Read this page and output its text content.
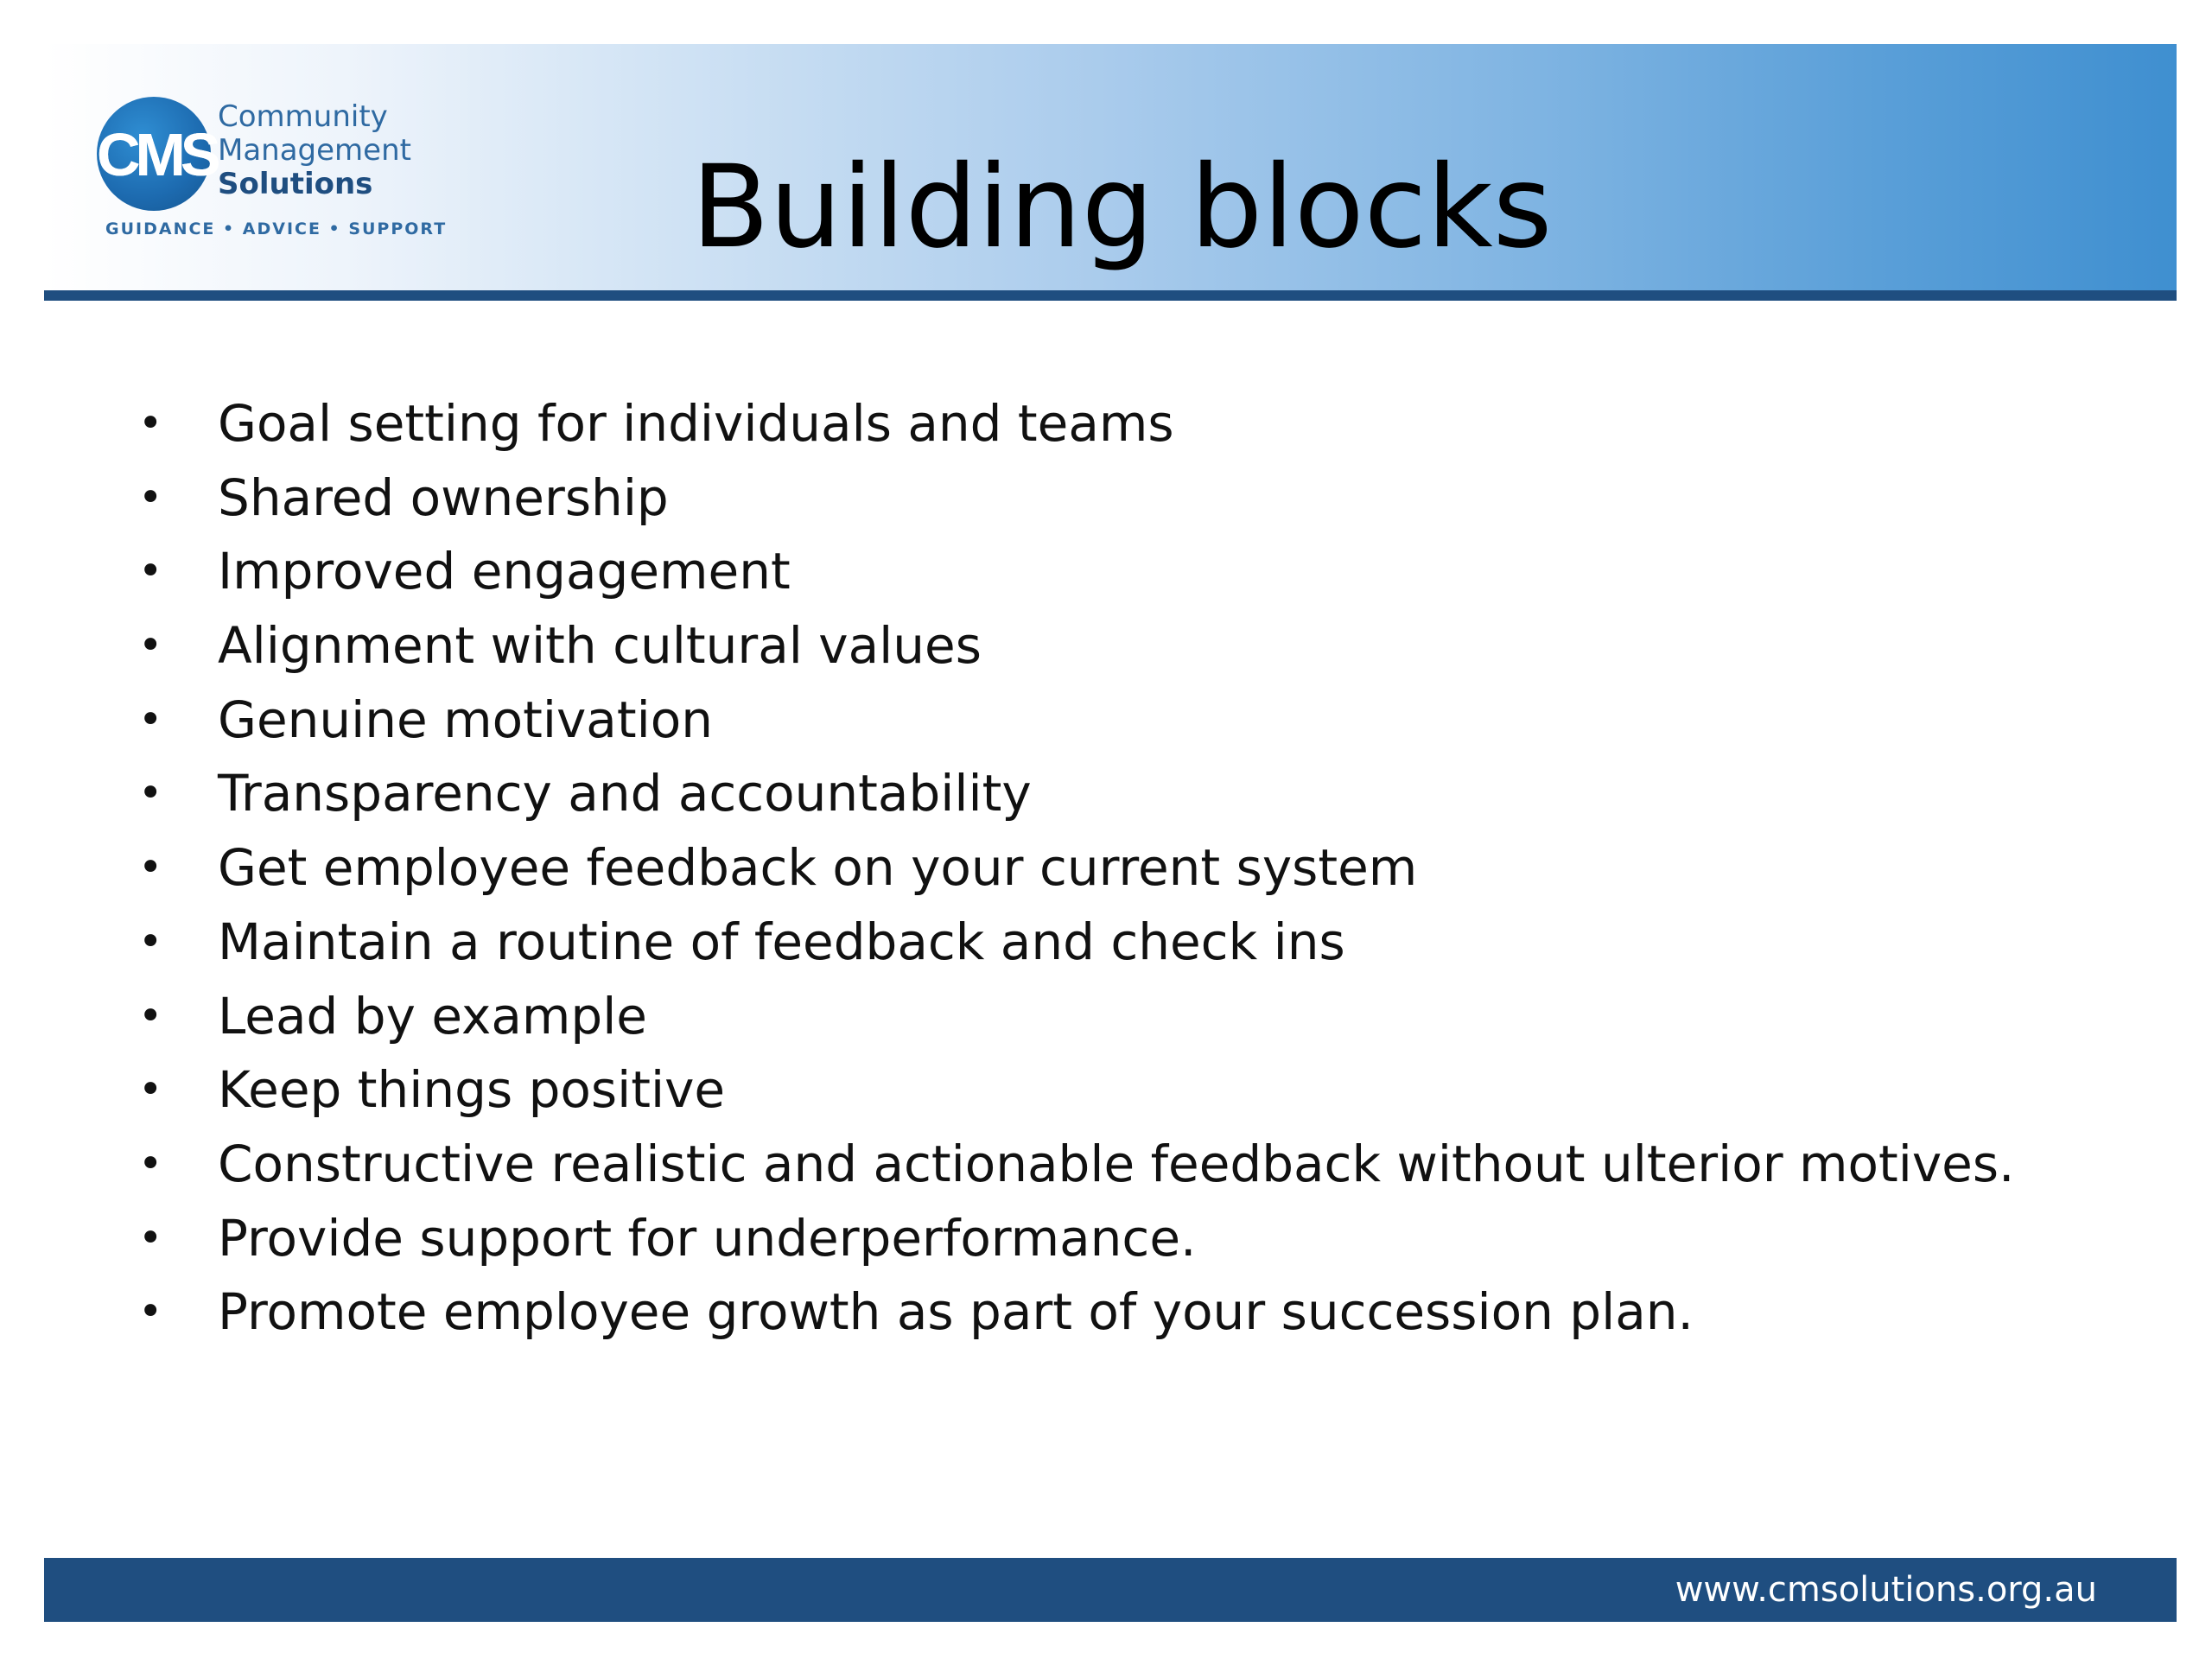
CMS
Community
Management
Solutions
GUIDANCE • ADVICE • SUPPORT Building blocks
• Goal setting for individuals and teams
• Shared ownership
• Improved engagement
• Alignment with cultural values
• Genuine motivation
• Transparency and accountability
• Get employee feedback on your current system
• Maintain a routine of feedback and check ins
• Lead by example
• Keep things positive
• Constructive realistic and actionable feedback without ulterior motives.
• Provide support for underperformance.
• Promote employee growth as part of your succession plan.
www.cmsolutions.org.au
